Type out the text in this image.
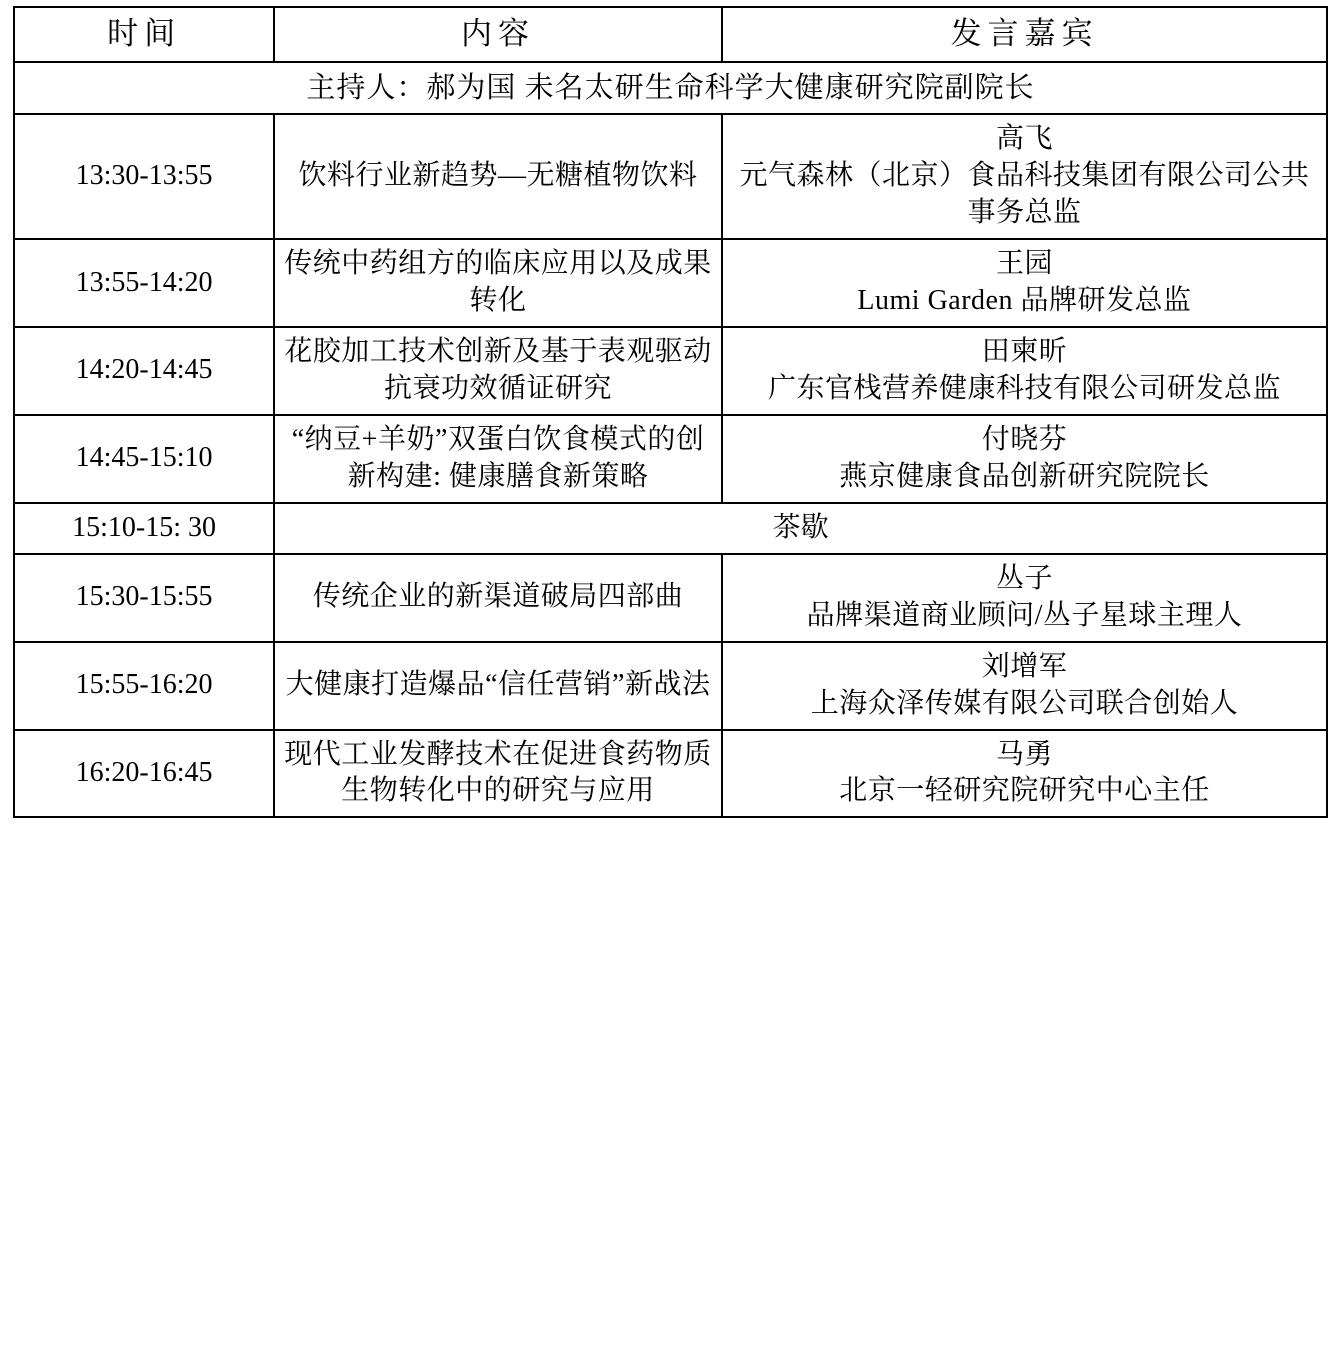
时间	内容	发言嘉宾
主持人：郝为国 未名太研生命科学大健康研究院副院长		
13:30-13:55	饮料行业新趋势—无糖植物饮料	高飞
元气森林（北京）食品科技集团有限公司公共事务总监

13:55-14:20	传统中药组方的临床应用以及成果转化	王园
Lumi Garden 品牌研发总监

14:20-14:45	花胶加工技术创新及基于表观驱动抗衰功效循证研究	田柬昕
广东官栈营养健康科技有限公司研发总监

14:45-15:10	“纳豆+羊奶”双蛋白饮食模式的创新构建: 健康膳食新策略	付晓芬
燕京健康食品创新研究院院长

15:10-15: 30	茶歇	
15:30-15:55	传统企业的新渠道破局四部曲	丛子
品牌渠道商业顾问/丛子星球主理人

15:55-16:20	大健康打造爆品“信任营销”新战法	刘增军
上海众泽传媒有限公司联合创始人

16:20-16:45	现代工业发酵技术在促进食药物质生物转化中的研究与应用	马勇
北京一轻研究院研究中心主任
